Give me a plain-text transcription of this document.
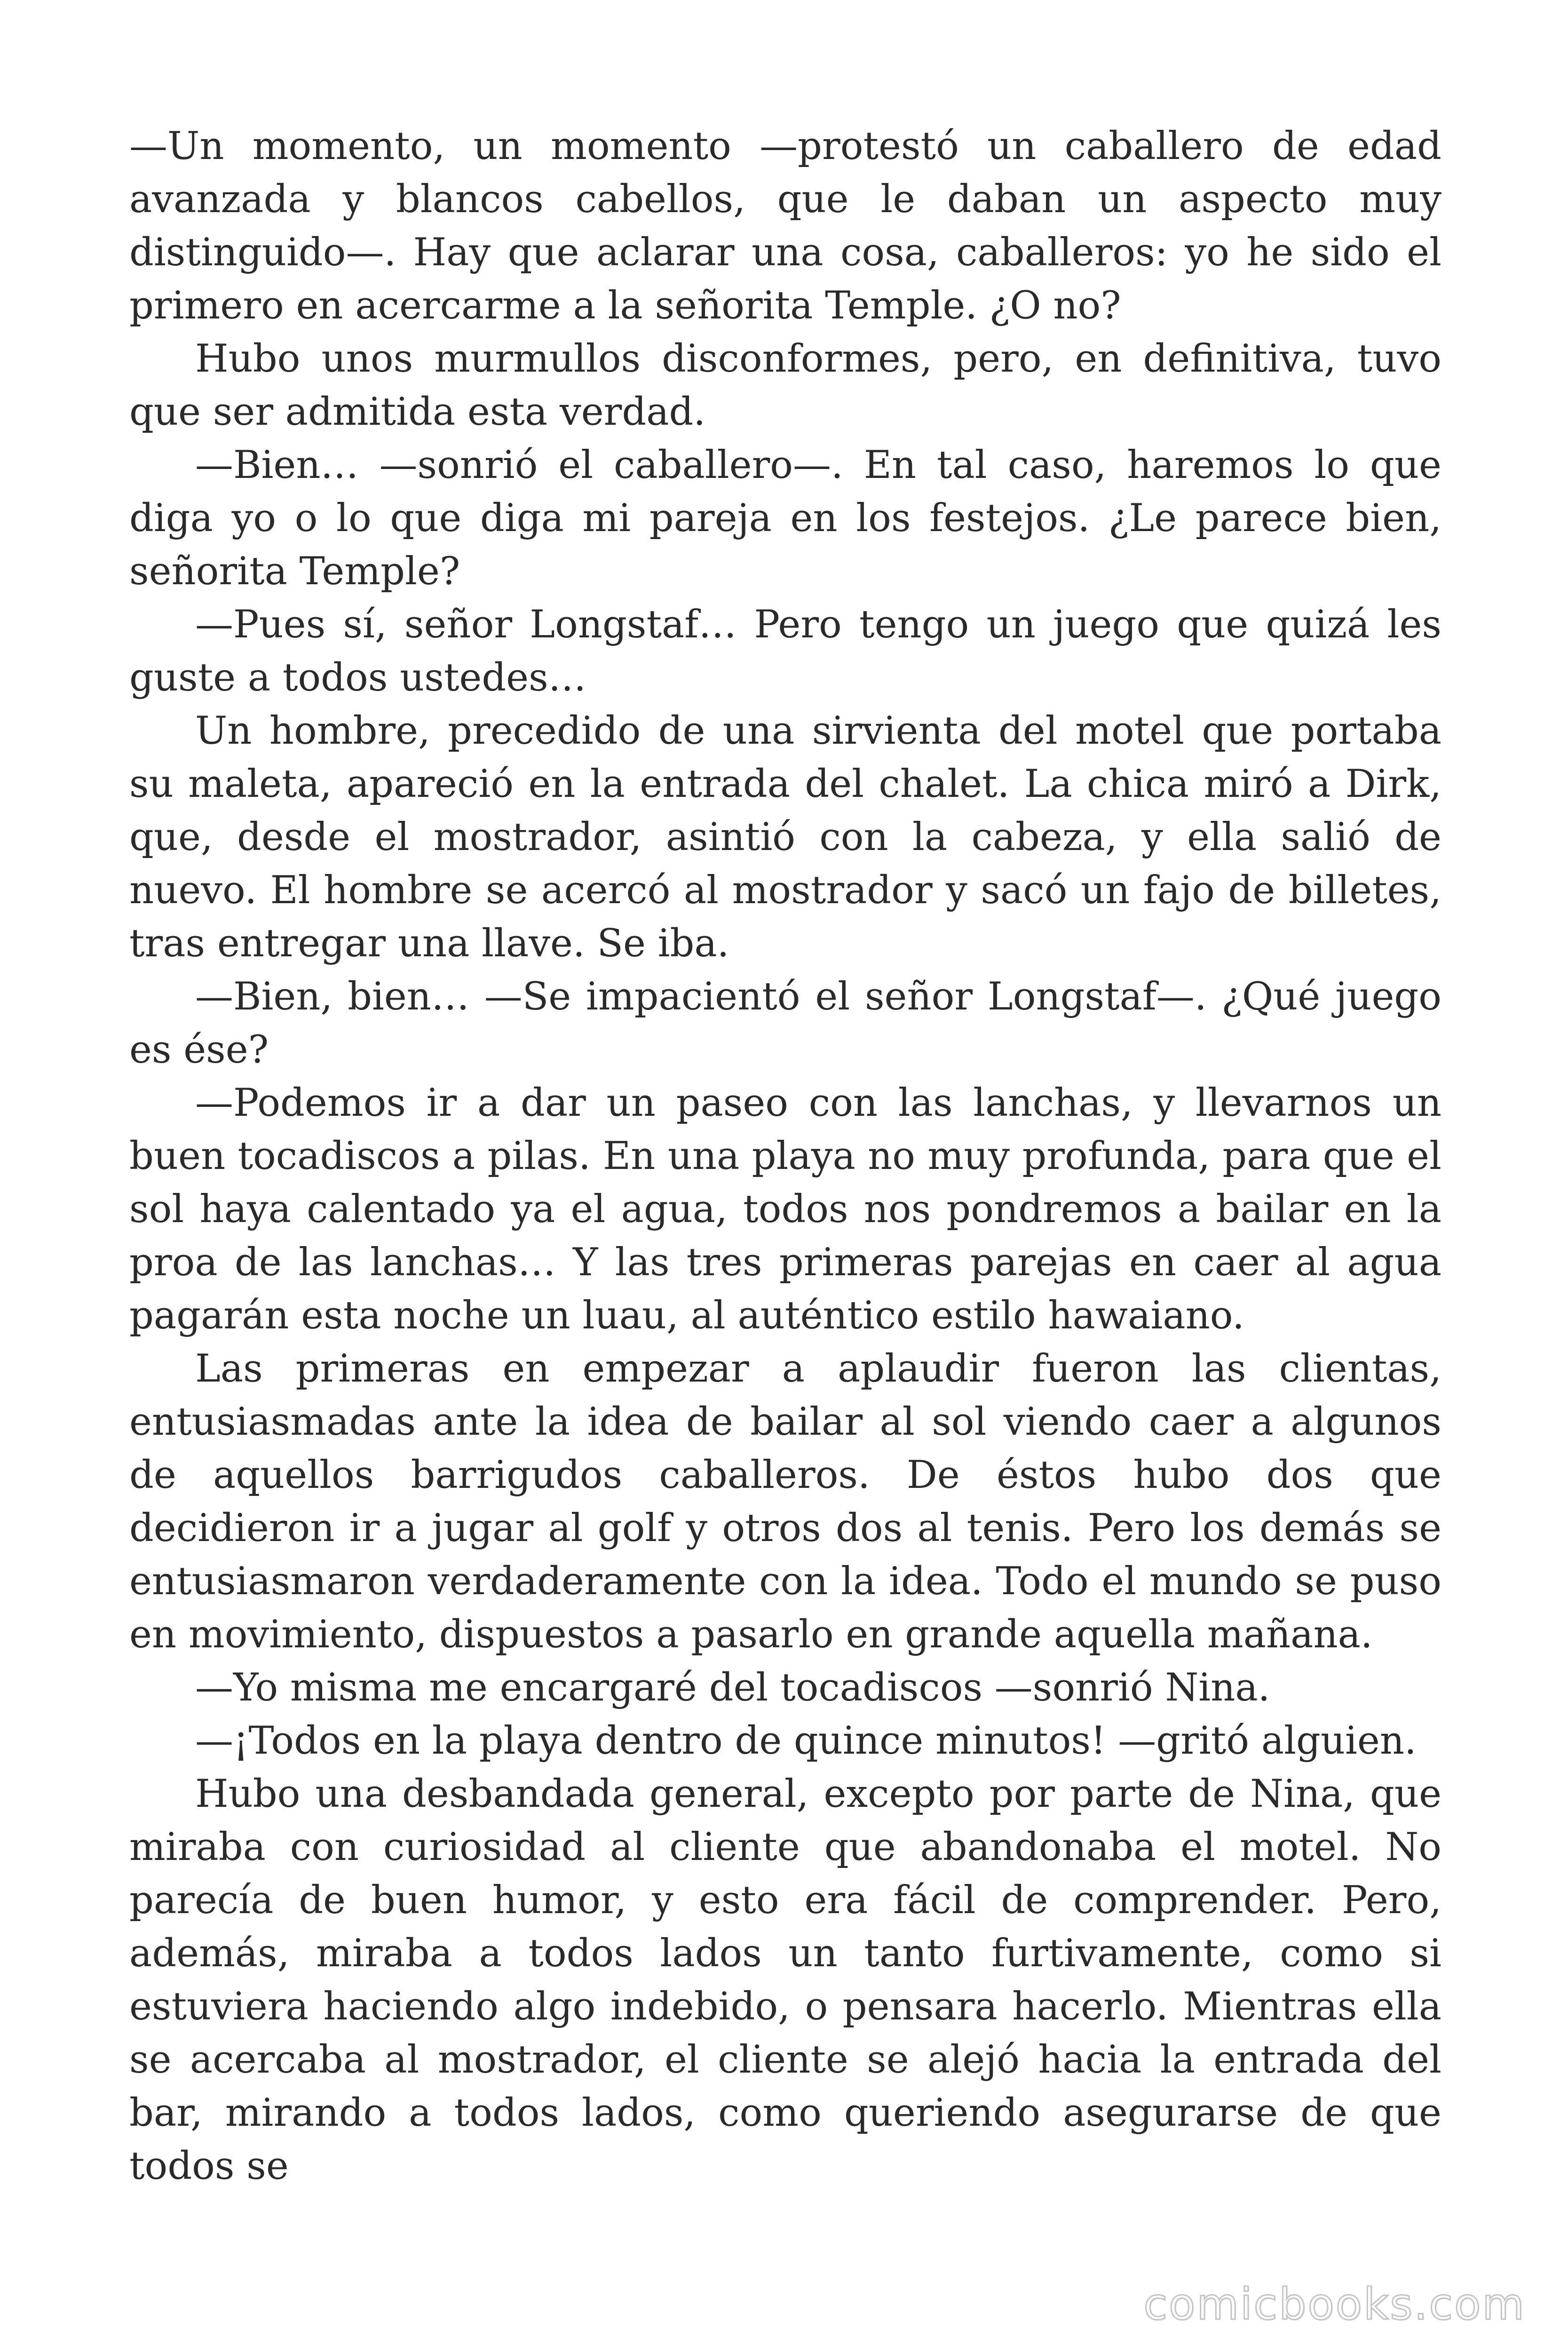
—Un momento, un momento —protestó un caballero de edad avanzada y blancos cabellos, que le daban un aspecto muy distinguido—. Hay que aclarar una cosa, caballeros: yo he sido el primero en acercarme a la señorita Temple. ¿O no?

Hubo unos murmullos disconformes, pero, en definitiva, tuvo que ser admitida esta verdad.

—Bien… —sonrió el caballero—. En tal caso, haremos lo que diga yo o lo que diga mi pareja en los festejos. ¿Le parece bien, señorita Temple?

—Pues sí, señor Longstaf… Pero tengo un juego que quizá les guste a todos ustedes…

Un hombre, precedido de una sirvienta del motel que portaba su maleta, apareció en la entrada del chalet. La chica miró a Dirk, que, desde el mostrador, asintió con la cabeza, y ella salió de nuevo. El hombre se acercó al mostrador y sacó un fajo de billetes, tras entregar una llave. Se iba.

—Bien, bien… —Se impacientó el señor Longstaf—. ¿Qué juego es ése?

—Podemos ir a dar un paseo con las lanchas, y llevarnos un buen tocadiscos a pilas. En una playa no muy profunda, para que el sol haya calentado ya el agua, todos nos pondremos a bailar en la proa de las lanchas… Y las tres primeras parejas en caer al agua pagarán esta noche un luau, al auténtico estilo hawaiano.

Las primeras en empezar a aplaudir fueron las clientas, entusiasmadas ante la idea de bailar al sol viendo caer a algunos de aquellos barrigudos caballeros. De éstos hubo dos que decidieron ir a jugar al golf y otros dos al tenis. Pero los demás se entusiasmaron verdaderamente con la idea. Todo el mundo se puso en movimiento, dispuestos a pasarlo en grande aquella mañana.

—Yo misma me encargaré del tocadiscos —sonrió Nina.

—¡Todos en la playa dentro de quince minutos! —gritó alguien.

Hubo una desbandada general, excepto por parte de Nina, que miraba con curiosidad al cliente que abandonaba el motel. No parecía de buen humor, y esto era fácil de comprender. Pero, además, miraba a todos lados un tanto furtivamente, como si estuviera haciendo algo indebido, o pensara hacerlo. Mientras ella se acercaba al mostrador, el cliente se alejó hacia la entrada del bar, mirando a todos lados, como queriendo asegurarse de que todos se

comicbooks.com
